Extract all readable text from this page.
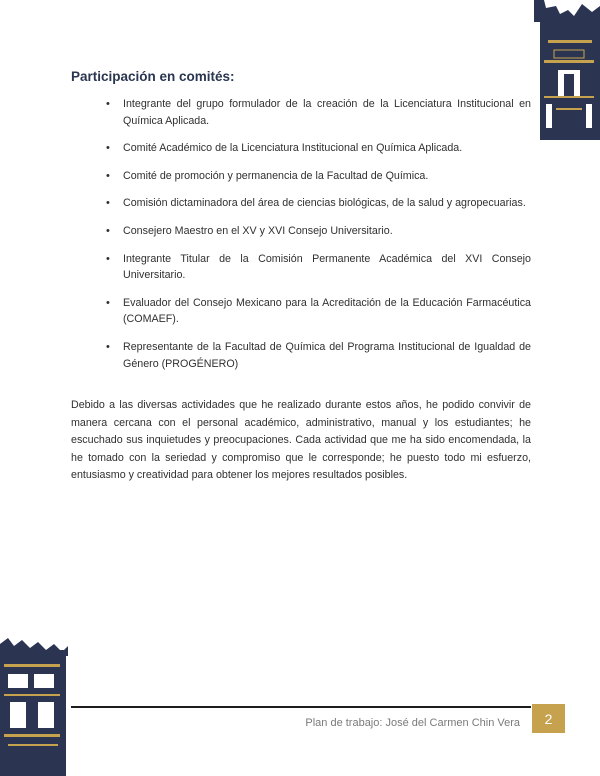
Participación en comités:
• Integrante del grupo formulador de la creación de la Licenciatura Institucional en Química Aplicada.
• Comité Académico de la Licenciatura Institucional en Química Aplicada.
• Comité de promoción y permanencia de la Facultad de Química.
• Comisión dictaminadora del área de ciencias biológicas, de la salud y agropecuarias.
• Consejero Maestro en el XV y XVI Consejo Universitario.
• Integrante Titular de la Comisión Permanente Académica del XVI Consejo Universitario.
• Evaluador del Consejo Mexicano para la Acreditación de la Educación Farmacéutica (COMAEF).
• Representante de la Facultad de Química del Programa Institucional de Igualdad de Género (PROGÉNERO)

Debido a las diversas actividades que he realizado durante estos años, he podido convivir de manera cercana con el personal académico, administrativo, manual y los estudiantes; he escuchado sus inquietudes y preocupaciones. Cada actividad que me ha sido encomendada, la he tomado con la seriedad y compromiso que le corresponde; he puesto todo mi esfuerzo, entusiasmo y creatividad para obtener los mejores resultados posibles.

Plan de trabajo: José del Carmen Chin Vera 2
